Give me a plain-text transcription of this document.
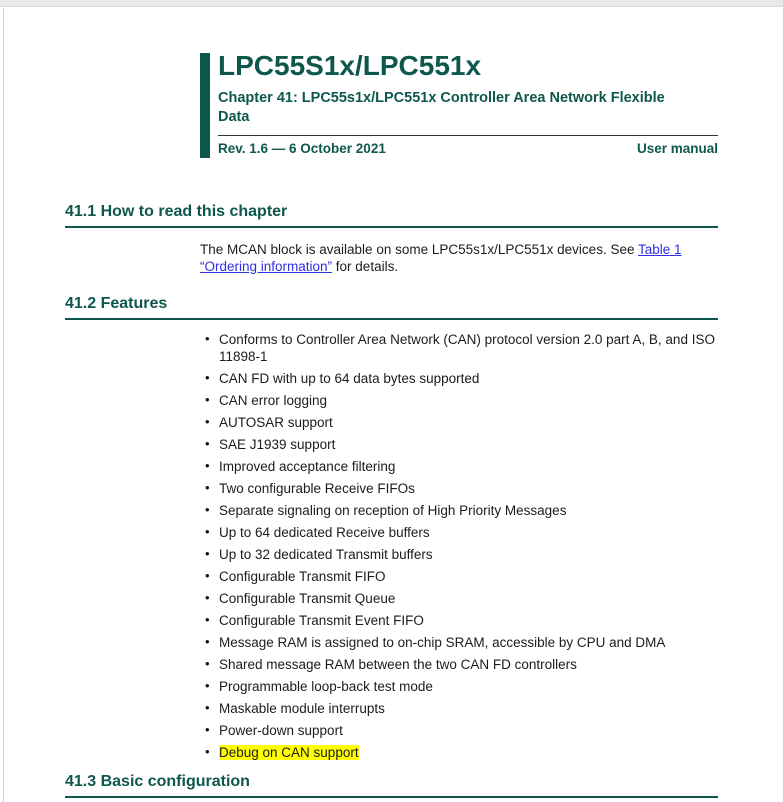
LPC55S1x/LPC551x
Chapter 41: LPC55s1x/LPC551x Controller Area Network Flexible Data
Rev. 1.6 — 6 October 2021	User manual
41.1 How to read this chapter

The MCAN block is available on some LPC55s1x/LPC551x devices. See Table 1 “Ordering information” for details.

41.2 Features
• Conforms to Controller Area Network (CAN) protocol version 2.0 part A, B, and ISO 11898-1
• CAN FD with up to 64 data bytes supported
• CAN error logging
• AUTOSAR support
• SAE J1939 support
• Improved acceptance filtering
• Two configurable Receive FIFOs
• Separate signaling on reception of High Priority Messages
• Up to 64 dedicated Receive buffers
• Up to 32 dedicated Transmit buffers
• Configurable Transmit FIFO
• Configurable Transmit Queue
• Configurable Transmit Event FIFO
• Message RAM is assigned to on-chip SRAM, accessible by CPU and DMA
• Shared message RAM between the two CAN FD controllers
• Programmable loop-back test mode
• Maskable module interrupts
• Power-down support
• Debug on CAN support
41.3 Basic configuration
